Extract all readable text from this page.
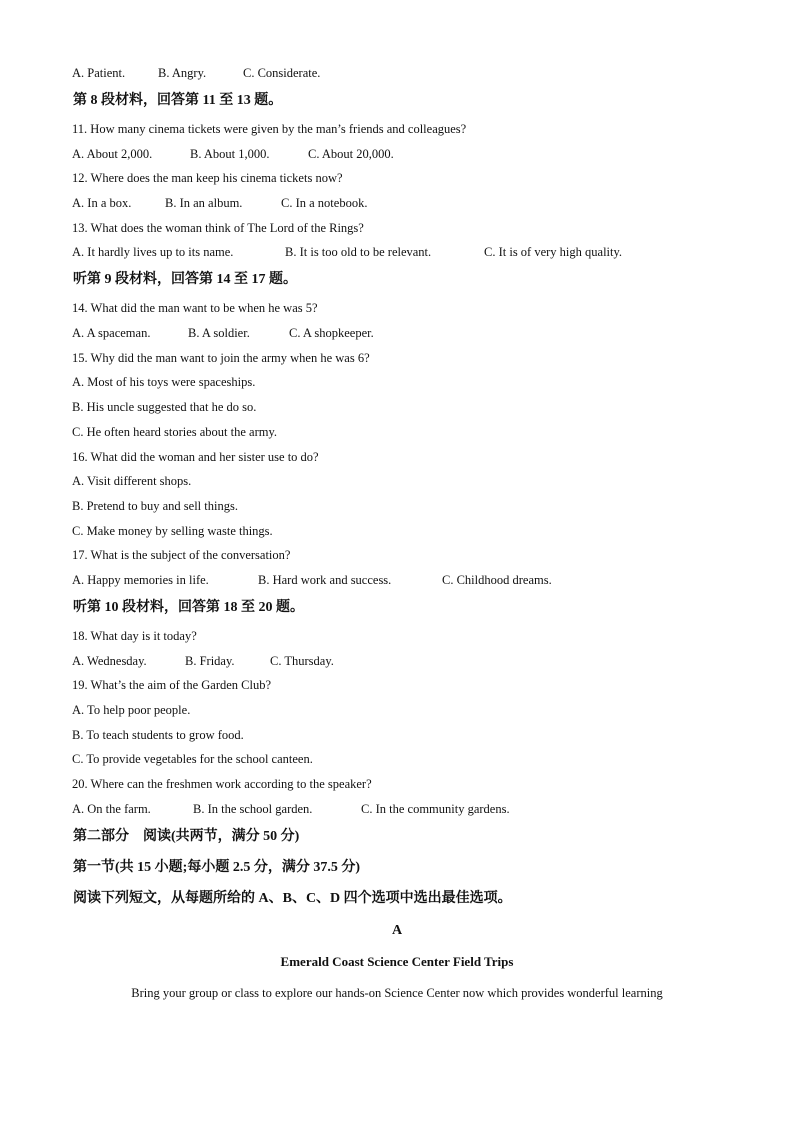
A. Patient.	B. Angry.	C. Considerate.
第 8 段材料，回答第 11 至 13 题。
11. How many cinema tickets were given by the man’s friends and colleagues?
A. About 2,000.	B. About 1,000.	C. About 20,000.
12. Where does the man keep his cinema tickets now?
A. In a box.	B. In an album.	C. In a notebook.
13. What does the woman think of The Lord of the Rings?
A. It hardly lives up to its name.	B. It is too old to be relevant.	C. It is of very high quality.
听第 9 段材料，回答第 14 至 17 题。
14. What did the man want to be when he was 5?
A. A spaceman.	B. A soldier.	C. A shopkeeper.
15. Why did the man want to join the army when he was 6?
A. Most of his toys were spaceships.
B. His uncle suggested that he do so.
C. He often heard stories about the army.
16. What did the woman and her sister use to do?
A. Visit different shops.
B. Pretend to buy and sell things.
C. Make money by selling waste things.
17. What is the subject of the conversation?
A. Happy memories in life.	B. Hard work and success.	C. Childhood dreams.
听第 10 段材料，回答第 18 至 20 题。
18. What day is it today?
A. Wednesday.	B. Friday.	C. Thursday.
19. What’s the aim of the Garden Club?
A. To help poor people.
B. To teach students to grow food.
C. To provide vegetables for the school canteen.
20. Where can the freshmen work according to the speaker?
A. On the farm.	B. In the school garden.	C. In the community gardens.
第二部分　阅读(共两节，满分 50 分)
第一节(共 15 小题;每小题 2.5 分，满分 37.5 分)
阅读下列短文，从每题所给的 A、B、C、D 四个选项中选出最佳选项。
A
Emerald Coast Science Center Field Trips
Bring your group or class to explore our hands-on Science Center now which provides wonderful learning
